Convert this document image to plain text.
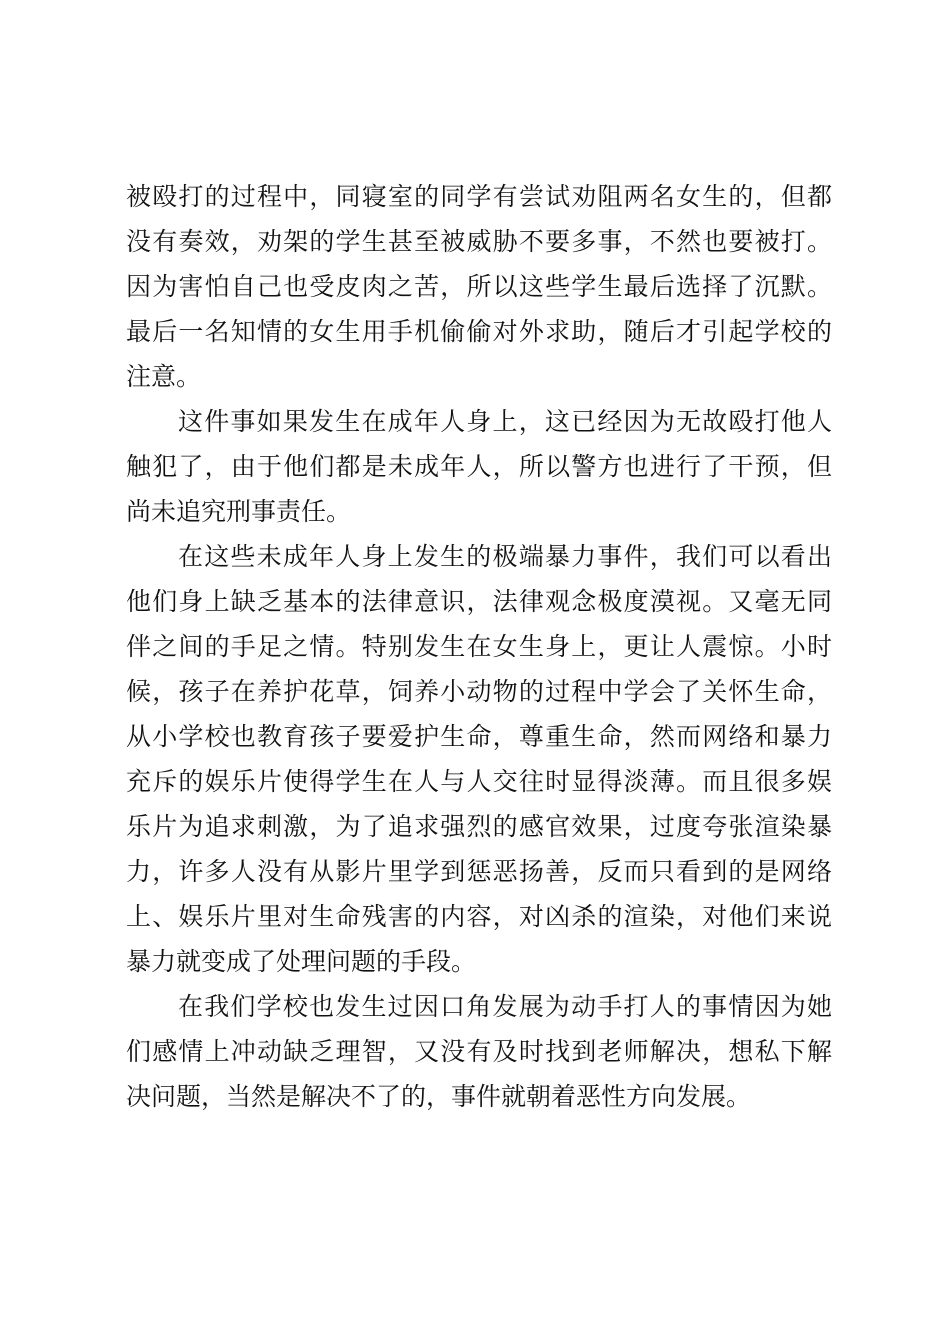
被殴打的过程中，同寝室的同学有尝试劝阻两名女生的，但都
没有奏效，劝架的学生甚至被威胁不要多事，不然也要被打。
因为害怕自己也受皮肉之苦，所以这些学生最后选择了沉默。
最后一名知情的女生用手机偷偷对外求助，随后才引起学校的
注意。
这件事如果发生在成年人身上，这已经因为无故殴打他人
触犯了，由于他们都是未成年人，所以警方也进行了干预，但
尚未追究刑事责任。
在这些未成年人身上发生的极端暴力事件，我们可以看出
他们身上缺乏基本的法律意识，法律观念极度漠视。又毫无同
伴之间的手足之情。特别发生在女生身上，更让人震惊。小时
候，孩子在养护花草，饲养小动物的过程中学会了关怀生命，
从小学校也教育孩子要爱护生命，尊重生命，然而网络和暴力
充斥的娱乐片使得学生在人与人交往时显得淡薄。而且很多娱
乐片为追求刺激，为了追求强烈的感官效果，过度夸张渲染暴
力，许多人没有从影片里学到惩恶扬善，反而只看到的是网络
上、娱乐片里对生命残害的内容，对凶杀的渲染，对他们来说
暴力就变成了处理问题的手段。
在我们学校也发生过因口角发展为动手打人的事情因为她
们感情上冲动缺乏理智，又没有及时找到老师解决，想私下解
决问题，当然是解决不了的，事件就朝着恶性方向发展。
